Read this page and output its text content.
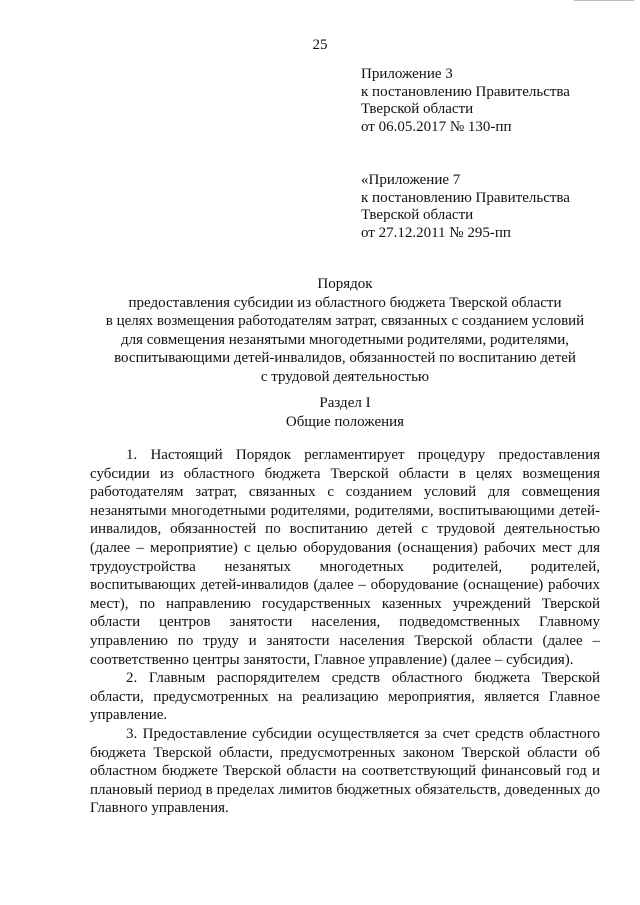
25
Приложение 3
к постановлению Правительства
Тверской области
от 06.05.2017 № 130-пп
«Приложение 7
к постановлению Правительства
Тверской области
от 27.12.2011 № 295-пп
Порядок
предоставления субсидии из областного бюджета Тверской области
в целях возмещения работодателям затрат, связанных с созданием условий
для совмещения незанятыми многодетными родителями, родителями,
воспитывающими детей-инвалидов, обязанностей по воспитанию детей
с трудовой деятельностью
Раздел I
Общие положения

1. Настоящий Порядок регламентирует процедуру предоставления субсидии из областного бюджета Тверской области в целях возмещения работодателям затрат, связанных с созданием условий для совмещения незанятыми многодетными родителями, родителями, воспитывающими детей-инвалидов, обязанностей по воспитанию детей с трудовой деятельностью (далее – мероприятие) с целью оборудования (оснащения) рабочих мест для трудоустройства незанятых многодетных родителей, родителей, воспитывающих детей-инвалидов (далее – оборудование (оснащение) рабочих мест), по направлению государственных казенных учреждений Тверской области центров занятости населения, подведомственных Главному управлению по труду и занятости населения Тверской области (далее – соответственно центры занятости, Главное управление) (далее – субсидия).

2. Главным распорядителем средств областного бюджета Тверской области, предусмотренных на реализацию мероприятия, является Главное управление.

3. Предоставление субсидии осуществляется за счет средств областного бюджета Тверской области, предусмотренных законом Тверской области об областном бюджете Тверской области на соответствующий финансовый год и плановый период в пределах лимитов бюджетных обязательств, доведенных до Главного управления.
